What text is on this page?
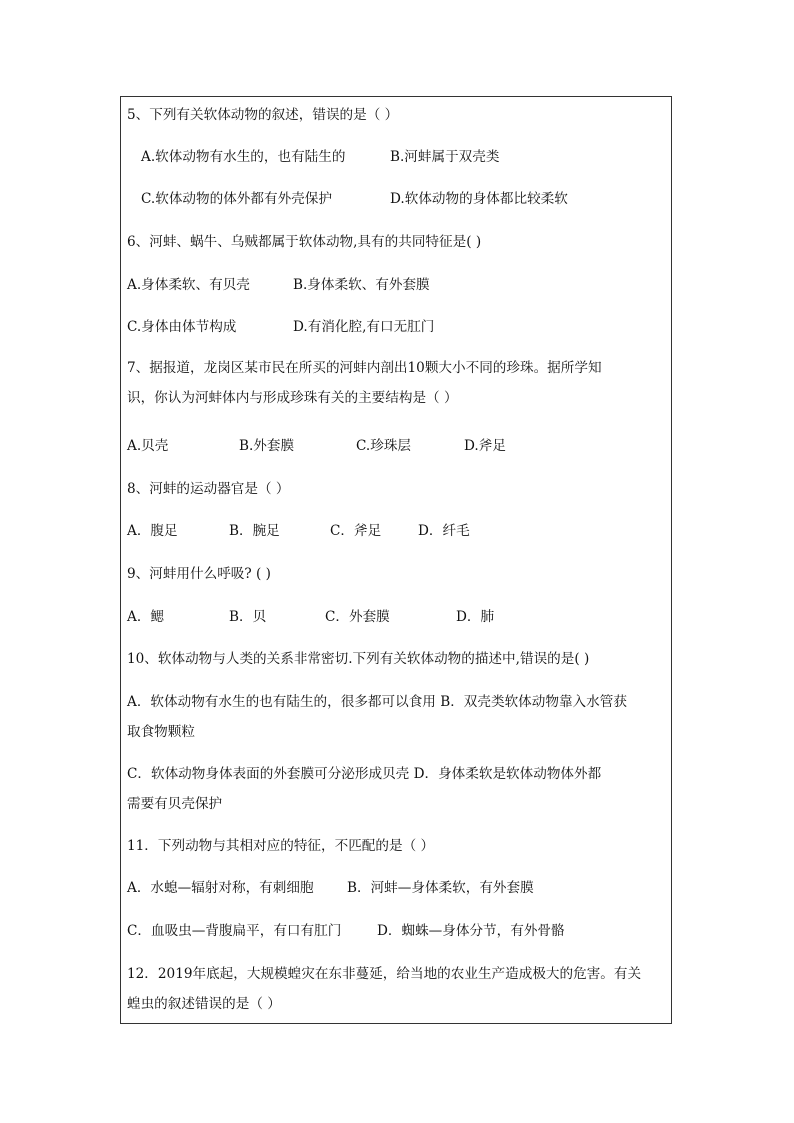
5、下列有关软体动物的叙述，错误的是（ ）
A.软体动物有水生的，也有陆生的	B.河蚌属于双壳类
C.软体动物的体外都有外壳保护	D.软体动物的身体都比较柔软
6、河蚌、蜗牛、乌贼都属于软体动物,具有的共同特征是( )
A.身体柔软、有贝壳	B.身体柔软、有外套膜
C.身体由体节构成	D.有消化腔,有口无肛门
7、据报道，龙岗区某市民在所买的河蚌内剖出10颗大小不同的珍珠。据所学知
识，你认为河蚌体内与形成珍珠有关的主要结构是（ ）
A.贝壳	B.外套膜	C.珍珠层	D.斧足
8、河蚌的运动器官是（ ）
A．腹足	B．腕足	C．斧足	D．纤毛
9、河蚌用什么呼吸? ( )
A．鳃	B．贝	C．外套膜	D．肺
10、软体动物与人类的关系非常密切.下列有关软体动物的描述中,错误的是( )
A．软体动物有水生的也有陆生的，很多都可以食用 B．双壳类软体动物靠入水管获
取食物颗粒
C．软体动物身体表面的外套膜可分泌形成贝壳 D．身体柔软是软体动物体外都
需要有贝壳保护
11．下列动物与其相对应的特征，不匹配的是（ ）
A．水螅—辐射对称，有刺细胞 B．河蚌—身体柔软，有外套膜
C．血吸虫—背腹扁平，有口有肛门	D．蜘蛛—身体分节，有外骨骼
12．2019年底起，大规模蝗灾在东非蔓延，给当地的农业生产造成极大的危害。有关
蝗虫的叙述错误的是（ ）
